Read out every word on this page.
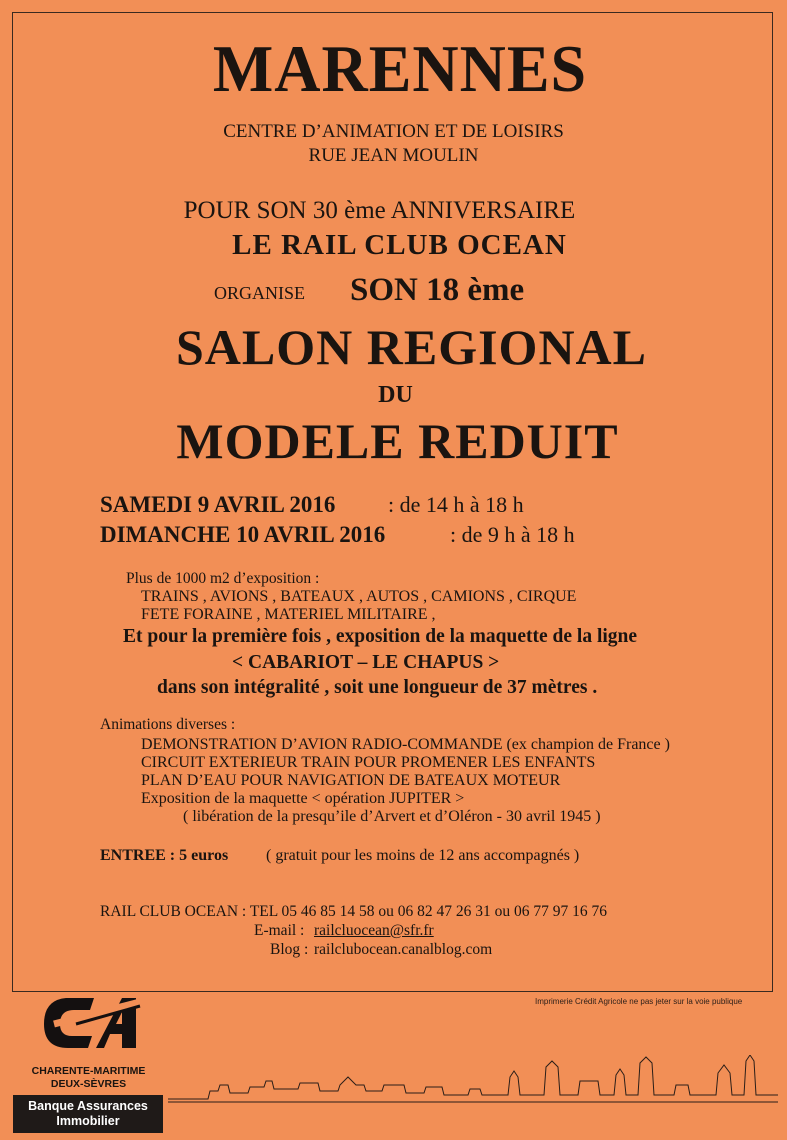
MARENNES
CENTRE D’ANIMATION ET DE LOISIRS
RUE JEAN MOULIN
POUR SON 30 ème ANNIVERSAIRE
LE RAIL CLUB OCEAN
ORGANISE SON 18 ème
SALON REGIONAL
DU
MODELE REDUIT
SAMEDI 9 AVRIL 2016 : de 14 h à 18 h
DIMANCHE 10 AVRIL 2016	: de 9 h à 18 h
Plus de 1000 m2 d’exposition :
TRAINS , AVIONS , BATEAUX , AUTOS , CAMIONS , CIRQUE
FETE FORAINE , MATERIEL MILITAIRE ,
Et pour la première fois , exposition de la maquette de la ligne
< CABARIOT – LE CHAPUS >
dans son intégralité , soit une longueur de 37 mètres .
Animations diverses :
DEMONSTRATION D’AVION RADIO-COMMANDE (ex champion de France )
CIRCUIT EXTERIEUR TRAIN POUR PROMENER LES ENFANTS
PLAN D’EAU POUR NAVIGATION DE BATEAUX MOTEUR
Exposition de la maquette < opération JUPITER >
( libération de la presqu’ile d’Arvert et d’Oléron - 30 avril 1945 )
ENTREE : 5 euros ( gratuit pour les moins de 12 ans accompagnés )
RAIL CLUB OCEAN : TEL 05 46 85 14 58 ou 06 82 47 26 31 ou 06 77 97 16 76
E-mail : railcluocean@sfr.fr
Blog : railclubocean.canalblog.com
Imprimerie Crédit Agricole ne pas jeter sur la voie publique
CHARENTE-MARITIME
DEUX-SÈVRES
Banque Assurances
Immobilier
